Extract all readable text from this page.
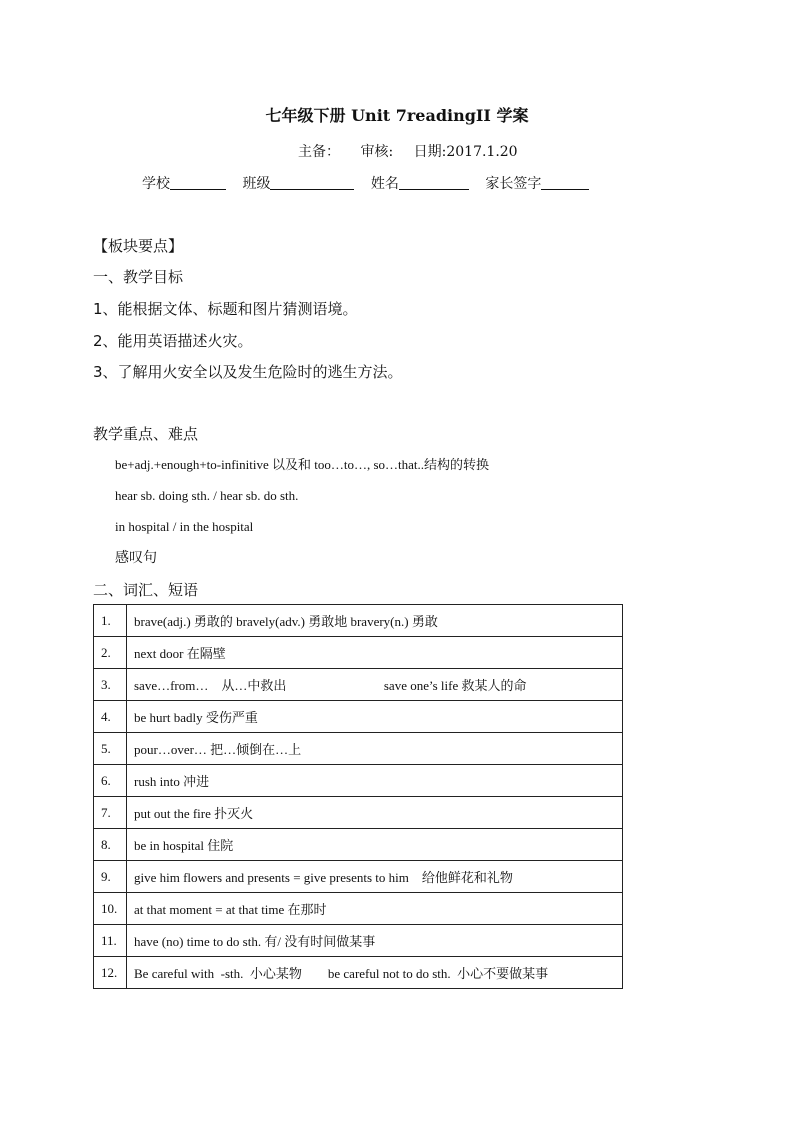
七年级下册 Unit 7readingII 学案
主备： 审核: 日期:2017.1.20
学校	班级	姓名	家长签字
【板块要点】
一、教学目标
1、能根据文体、标题和图片猜测语境。
2、能用英语描述火灾。
3、了解用火安全以及发生危险时的逃生方法。
教学重点、难点
be+adj.+enough+to-infinitive 以及和 too…to…, so…that..结构的转换
hear sb. doing sth. / hear sb. do sth.
in hospital / in the hospital
感叹句
二、词汇、短语
1.	brave(adj.) 勇敢的 bravely(adv.) 勇敢地 bravery(n.) 勇敢
2.	next door 在隔壁
3.	save…from…    从…中救出                              save one’s life 救某人的命
4.	be hurt badly 受伤严重
5.	pour…over… 把…倾倒在…上
6.	rush into 冲进
7.	put out the fire 扑灭火
8.	be in hospital 住院
9.	give him flowers and presents = give presents to him    给他鲜花和礼物
10.	at that moment = at that time 在那时
11.	have (no) time to do sth. 有/ 没有时间做某事
12.	Be careful with  -sth.  小心某物        be careful not to do sth.  小心不要做某事
